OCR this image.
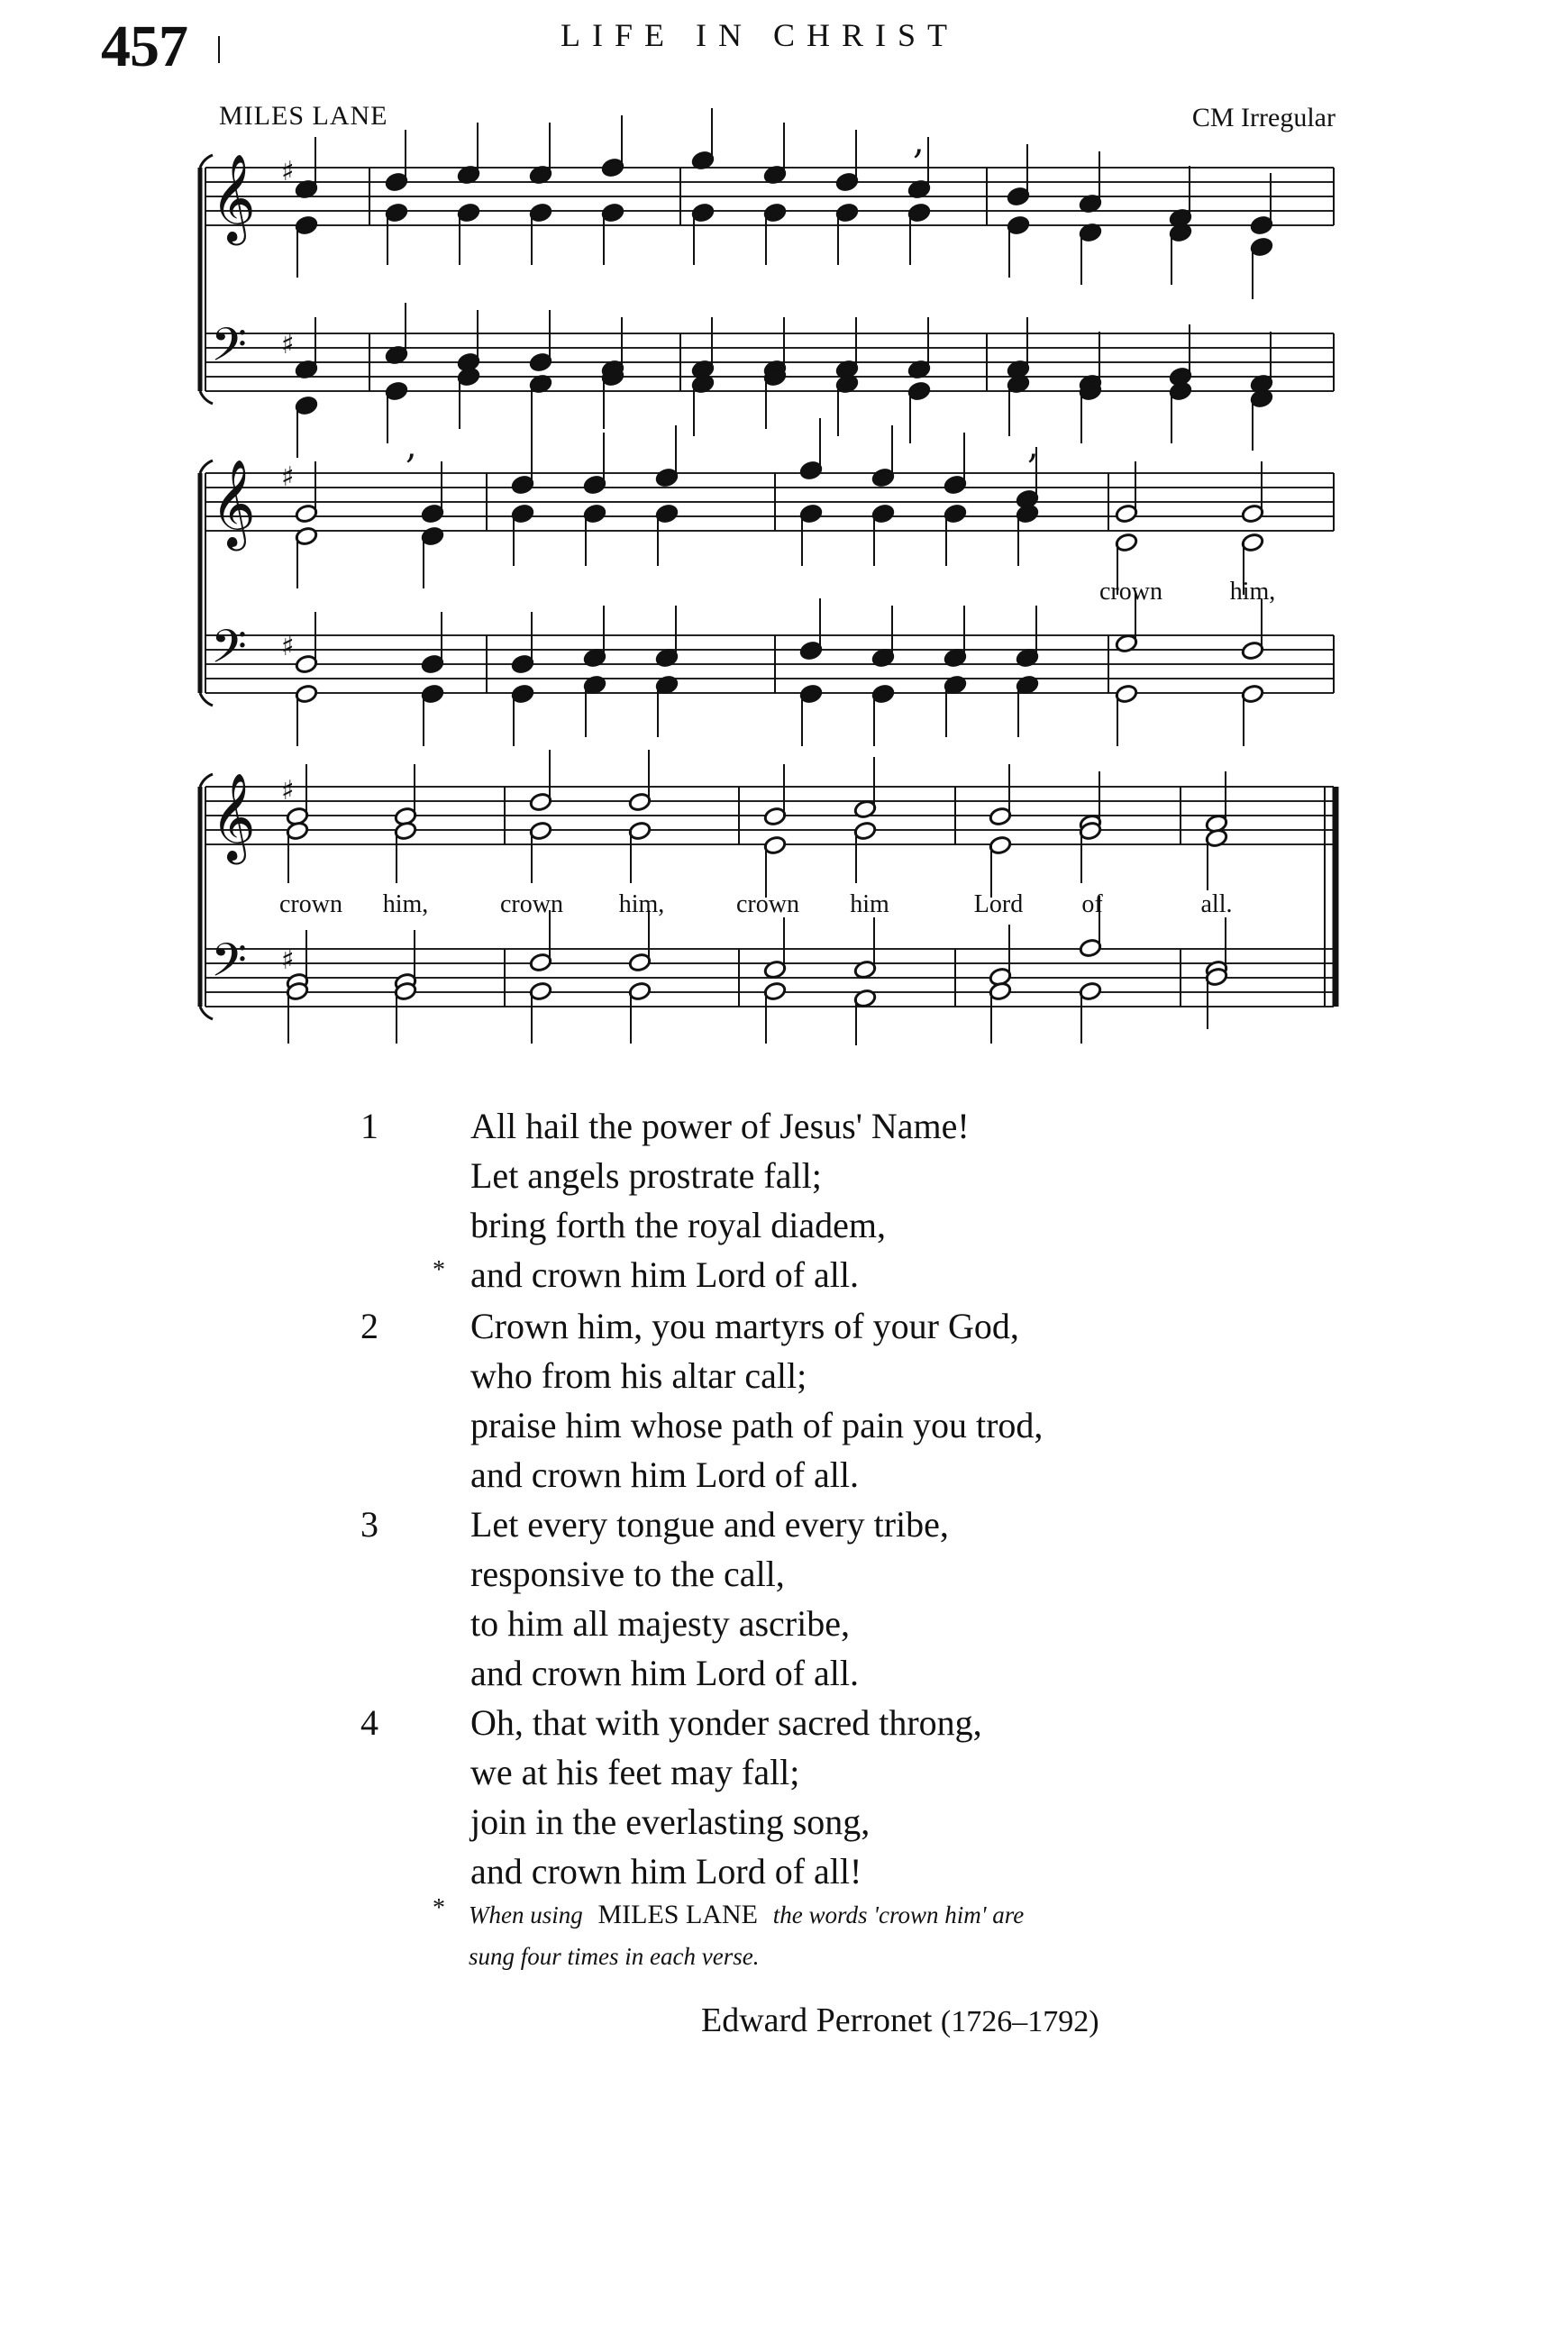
457	LIFE IN CHRIST
MILES LANE	CM Irregular
𝄞 ♯
𝄢 ♯
𝄞 ♯
𝄢 ♯
𝄞 ♯
𝄢 ♯
,
,	,
crown	him,
crown him,	crown him,	crown him	Lord of	all.
1
*
All hail the power of Jesus' Name!
Let angels prostrate fall;
bring forth the royal diadem,
and crown him Lord of all.
2	Crown him, you martyrs of your God,
who from his altar call;
praise him whose path of pain you trod,
and crown him Lord of all.
3	Let every tongue and every tribe,
responsive to the call,
to him all majesty ascribe,
and crown him Lord of all.
4	Oh, that with yonder sacred throng,
we at his feet may fall;
join in the everlasting song,
and crown him Lord of all!
* When using MILES LANE the words 'crown him' are
sung four times in each verse.
Edward Perronet (1726–1792)
